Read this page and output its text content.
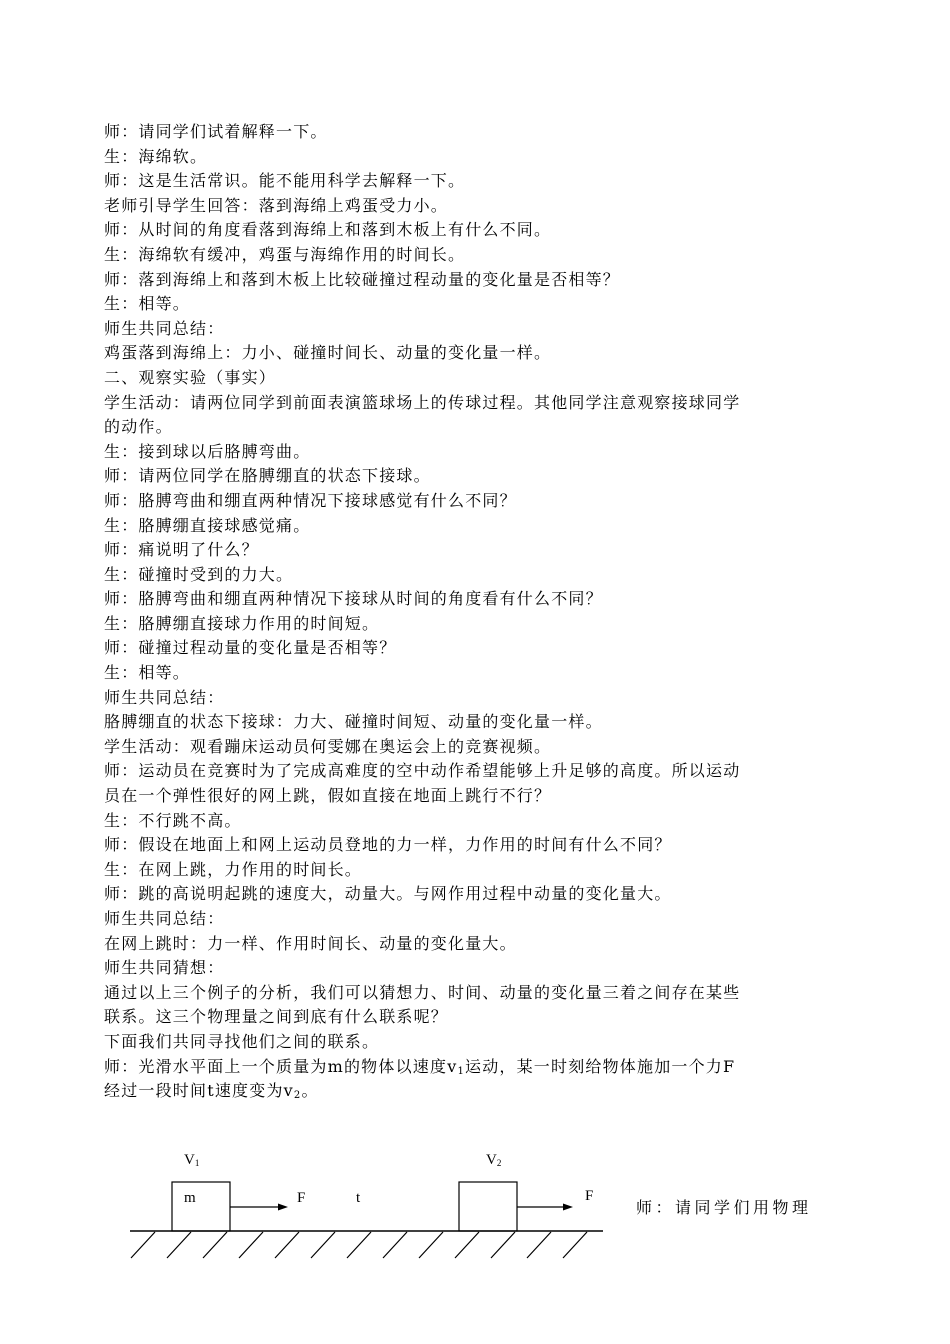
师：请同学们试着解释一下。
生：海绵软。
师：这是生活常识。能不能用科学去解释一下。
老师引导学生回答：落到海绵上鸡蛋受力小。
师：从时间的角度看落到海绵上和落到木板上有什么不同。
生：海绵软有缓冲，鸡蛋与海绵作用的时间长。
师：落到海绵上和落到木板上比较碰撞过程动量的变化量是否相等？
生：相等。
师生共同总结：
鸡蛋落到海绵上：力小、碰撞时间长、动量的变化量一样。
二、观察实验（事实）
学生活动：请两位同学到前面表演篮球场上的传球过程。其他同学注意观察接球同学
的动作。
生：接到球以后胳膊弯曲。
师：请两位同学在胳膊绷直的状态下接球。
师：胳膊弯曲和绷直两种情况下接球感觉有什么不同？
生：胳膊绷直接球感觉痛。
师：痛说明了什么？
生：碰撞时受到的力大。
师：胳膊弯曲和绷直两种情况下接球从时间的角度看有什么不同？
生：胳膊绷直接球力作用的时间短。
师：碰撞过程动量的变化量是否相等？
生：相等。
师生共同总结：
胳膊绷直的状态下接球：力大、碰撞时间短、动量的变化量一样。
学生活动：观看蹦床运动员何雯娜在奥运会上的竞赛视频。
师：运动员在竞赛时为了完成高难度的空中动作希望能够上升足够的高度。所以运动
员在一个弹性很好的网上跳，假如直接在地面上跳行不行？
生：不行跳不高。
师：假设在地面上和网上运动员登地的力一样，力作用的时间有什么不同？
生：在网上跳，力作用的时间长。
师：跳的高说明起跳的速度大，动量大。与网作用过程中动量的变化量大。
师生共同总结：
在网上跳时：力一样、作用时间长、动量的变化量大。
师生共同猜想：
通过以上三个例子的分析，我们可以猜想力、时间、动量的变化量三着之间存在某些
联系。这三个物理量之间到底有什么联系呢？
下面我们共同寻找他们之间的联系。
师：光滑水平面上一个质量为m的物体以速度$v_1$运动，某一时刻给物体施加一个力F
经过一段时间t速度变为$v_2$。
$V_1$	$V_2$
m	F	t	F
师：请同学们用物理
